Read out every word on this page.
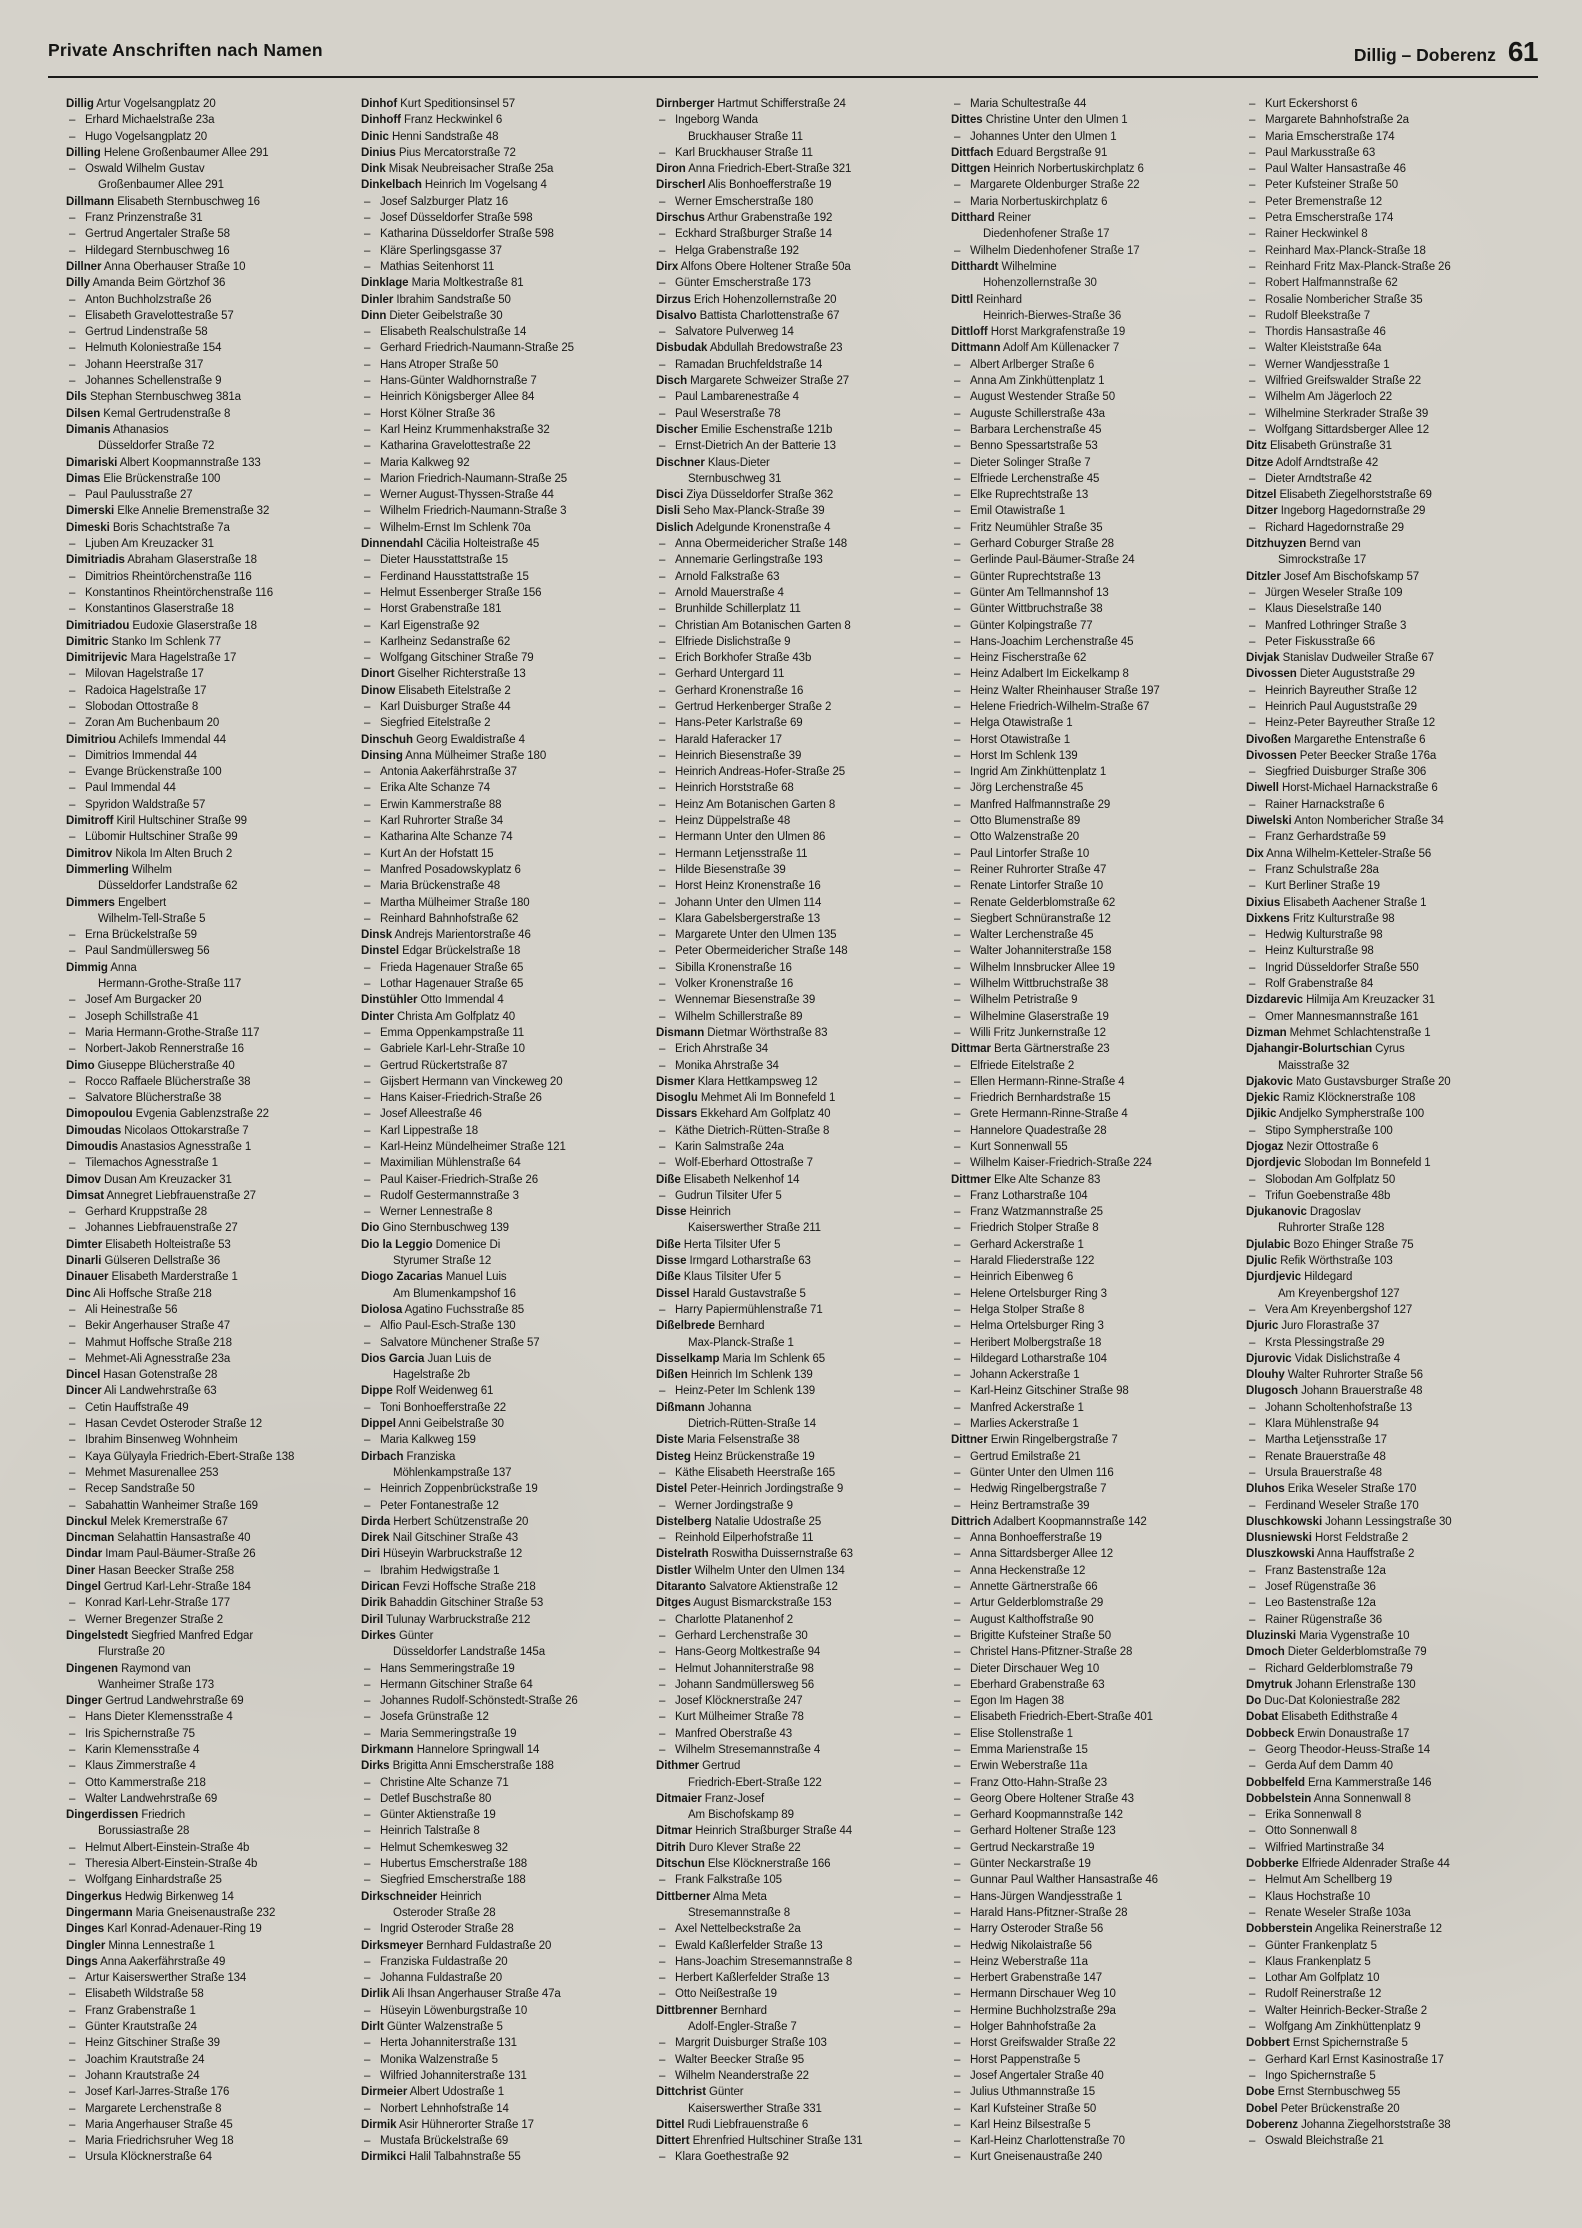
Private Anschriften nach Namen	Dillig – Doberenz 61
Dillig Artur Vogelsangplatz 20
– Erhard Michaelstraße 23a
– Hugo Vogelsangplatz 20
Dilling Helene Großenbaumer Allee 291
– Oswald Wilhelm Gustav
Großenbaumer Allee 291
Dillmann Elisabeth Sternbuschweg 16
– Franz Prinzenstraße 31
– Gertrud Angertaler Straße 58
– Hildegard Sternbuschweg 16
Dillner Anna Oberhauser Straße 10
Dilly Amanda Beim Görtzhof 36
– Anton Buchholzstraße 26
– Elisabeth Gravelottestraße 57
– Gertrud Lindenstraße 58
– Helmuth Koloniestraße 154
– Johann Heerstraße 317
– Johannes Schellenstraße 9
Dils Stephan Sternbuschweg 381a
Dilsen Kemal Gertrudenstraße 8
Dimanis Athanasios
Düsseldorfer Straße 72
Dimariski Albert Koopmannstraße 133
Dimas Elie Brückenstraße 100
– Paul Paulusstraße 27
Dimerski Elke Annelie Bremenstraße 32
Dimeski Boris Schachtstraße 7a
– Ljuben Am Kreuzacker 31
Dimitriadis Abraham Glaserstraße 18
– Dimitrios Rheintörchenstraße 116
– Konstantinos Rheintörchenstraße 116
– Konstantinos Glaserstraße 18
Dimitriadou Eudoxie Glaserstraße 18
Dimitric Stanko Im Schlenk 77
Dimitrijevic Mara Hagelstraße 17
– Milovan Hagelstraße 17
– Radoica Hagelstraße 17
– Slobodan Ottostraße 8
– Zoran Am Buchenbaum 20
Dimitriou Achilefs Immendal 44
– Dimitrios Immendal 44
– Evange Brückenstraße 100
– Paul Immendal 44
– Spyridon Waldstraße 57
Dimitroff Kiril Hultschiner Straße 99
– Lübomir Hultschiner Straße 99
Dimitrov Nikola Im Alten Bruch 2
Dimmerling Wilhelm
Düsseldorfer Landstraße 62
Dimmers Engelbert
Wilhelm-Tell-Straße 5
– Erna Brückelstraße 59
– Paul Sandmüllersweg 56
Dimmig Anna
Hermann-Grothe-Straße 117
– Josef Am Burgacker 20
– Joseph Schillstraße 41
– Maria Hermann-Grothe-Straße 117
– Norbert-Jakob Rennerstraße 16
Dimo Giuseppe Blücherstraße 40
– Rocco Raffaele Blücherstraße 38
– Salvatore Blücherstraße 38
Dimopoulou Evgenia Gablenzstraße 22
Dimoudas Nicolaos Ottokarstraße 7
Dimoudis Anastasios Agnesstraße 1
– Tilemachos Agnesstraße 1
Dimov Dusan Am Kreuzacker 31
Dimsat Annegret Liebfrauenstraße 27
– Gerhard Kruppstraße 28
– Johannes Liebfrauenstraße 27
Dimter Elisabeth Holteistraße 53
Dinarli Gülseren Dellstraße 36
Dinauer Elisabeth Marderstraße 1
Dinc Ali Hoffsche Straße 218
– Ali Heinestraße 56
– Bekir Angerhauser Straße 47
– Mahmut Hoffsche Straße 218
– Mehmet-Ali Agnesstraße 23a
Dincel Hasan Gotenstraße 28
Dincer Ali Landwehrstraße 63
– Cetin Hauffstraße 49
– Hasan Cevdet Osteroder Straße 12
– Ibrahim Binsenweg Wohnheim
– Kaya Gülyayla Friedrich-Ebert-Straße 138
– Mehmet Masurenallee 253
– Recep Sandstraße 50
– Sabahattin Wanheimer Straße 169
Dinckul Melek Kremerstraße 67
Dincman Selahattin Hansastraße 40
Dindar Imam Paul-Bäumer-Straße 26
Diner Hasan Beecker Straße 258
Dingel Gertrud Karl-Lehr-Straße 184
– Konrad Karl-Lehr-Straße 177
– Werner Bregenzer Straße 2
Dingelstedt Siegfried Manfred Edgar
Flurstraße 20
Dingenen Raymond van
Wanheimer Straße 173
Dinger Gertrud Landwehrstraße 69
– Hans Dieter Klemensstraße 4
– Iris Spichernstraße 75
– Karin Klemensstraße 4
– Klaus Zimmerstraße 4
– Otto Kammerstraße 218
– Walter Landwehrstraße 69
Dingerdissen Friedrich
Borussiastraße 28
– Helmut Albert-Einstein-Straße 4b
– Theresia Albert-Einstein-Straße 4b
– Wolfgang Einhardstraße 25
Dingerkus Hedwig Birkenweg 14
Dingermann Maria Gneisenaustraße 232
Dinges Karl Konrad-Adenauer-Ring 19
Dingler Minna Lennestraße 1
Dings Anna Aakerfährstraße 49
– Artur Kaiserswerther Straße 134
– Elisabeth Wildstraße 58
– Franz Grabenstraße 1
– Günter Krautstraße 24
– Heinz Gitschiner Straße 39
– Joachim Krautstraße 24
– Johann Krautstraße 24
– Josef Karl-Jarres-Straße 176
– Margarete Lerchenstraße 8
– Maria Angerhauser Straße 45
– Maria Friedrichsruher Weg 18
– Ursula Klöcknerstraße 64
Dinhof Kurt Speditionsinsel 57
Dinhoff Franz Heckwinkel 6
Dinic Henni Sandstraße 48
Dinius Pius Mercatorstraße 72
Dink Misak Neubreisacher Straße 25a
Dinkelbach Heinrich Im Vogelsang 4
– Josef Salzburger Platz 16
– Josef Düsseldorfer Straße 598
– Katharina Düsseldorfer Straße 598
– Kläre Sperlingsgasse 37
– Mathias Seitenhorst 11
Dinklage Maria Moltkestraße 81
Dinler Ibrahim Sandstraße 50
Dinn Dieter Geibelstraße 30
– Elisabeth Realschulstraße 14
– Gerhard Friedrich-Naumann-Straße 25
– Hans Atroper Straße 50
– Hans-Günter Waldhornstraße 7
– Heinrich Königsberger Allee 84
– Horst Kölner Straße 36
– Karl Heinz Krummenhakstraße 32
– Katharina Gravelottestraße 22
– Maria Kalkweg 92
– Marion Friedrich-Naumann-Straße 25
– Werner August-Thyssen-Straße 44
– Wilhelm Friedrich-Naumann-Straße 3
– Wilhelm-Ernst Im Schlenk 70a
Dinnendahl Cäcilia Holteistraße 45
– Dieter Hausstattstraße 15
– Ferdinand Hausstattstraße 15
– Helmut Essenberger Straße 156
– Horst Grabenstraße 181
– Karl Eigenstraße 92
– Karlheinz Sedanstraße 62
– Wolfgang Gitschiner Straße 79
Dinort Giselher Richterstraße 13
Dinow Elisabeth Eitelstraße 2
– Karl Duisburger Straße 44
– Siegfried Eitelstraße 2
Dinschuh Georg Ewaldistraße 4
Dinsing Anna Mülheimer Straße 180
– Antonia Aakerfährstraße 37
– Erika Alte Schanze 74
– Erwin Kammerstraße 88
– Karl Ruhrorter Straße 34
– Katharina Alte Schanze 74
– Kurt An der Hofstatt 15
– Manfred Posadowskyplatz 6
– Maria Brückenstraße 48
– Martha Mülheimer Straße 180
– Reinhard Bahnhofstraße 62
Dinsk Andrejs Marientorstraße 46
Dinstel Edgar Brückelstraße 18
– Frieda Hagenauer Straße 65
– Lothar Hagenauer Straße 65
Dinstühler Otto Immendal 4
Dinter Christa Am Golfplatz 40
– Emma Oppenkampstraße 11
– Gabriele Karl-Lehr-Straße 10
– Gertrud Rückertstraße 87
– Gijsbert Hermann van Vinckeweg 20
– Hans Kaiser-Friedrich-Straße 26
– Josef Alleestraße 46
– Karl Lippestraße 18
– Karl-Heinz Mündelheimer Straße 121
– Maximilian Mühlenstraße 64
– Paul Kaiser-Friedrich-Straße 26
– Rudolf Gestermannstraße 3
– Werner Lennestraße 8
Dio Gino Sternbuschweg 139
Dio la Leggio Domenice Di
Styrumer Straße 12
Diogo Zacarias Manuel Luis
Am Blumenkampshof 16
Diolosa Agatino Fuchsstraße 85
– Alfio Paul-Esch-Straße 130
– Salvatore Münchener Straße 57
Dios Garcia Juan Luis de
Hagelstraße 2b
Dippe Rolf Weidenweg 61
– Toni Bonhoefferstraße 22
Dippel Anni Geibelstraße 30
– Maria Kalkweg 159
Dirbach Franziska
Möhlenkampstraße 137
– Heinrich Zoppenbrückstraße 19
– Peter Fontanestraße 12
Dirda Herbert Schützenstraße 20
Direk Nail Gitschiner Straße 43
Diri Hüseyin Warbruckstraße 12
– Ibrahim Hedwigstraße 1
Dirican Fevzi Hoffsche Straße 218
Dirik Bahaddin Gitschiner Straße 53
Diril Tulunay Warbruckstraße 212
Dirkes Günter
Düsseldorfer Landstraße 145a
– Hans Semmeringstraße 19
– Hermann Gitschiner Straße 64
– Johannes Rudolf-Schönstedt-Straße 26
– Josefa Grünstraße 12
– Maria Semmeringstraße 19
Dirkmann Hannelore Springwall 14
Dirks Brigitta Anni Emscherstraße 188
– Christine Alte Schanze 71
– Detlef Buschstraße 80
– Günter Aktienstraße 19
– Heinrich Talstraße 8
– Helmut Schemkesweg 32
– Hubertus Emscherstraße 188
– Siegfried Emscherstraße 188
Dirkschneider Heinrich
Osteroder Straße 28
– Ingrid Osteroder Straße 28
Dirksmeyer Bernhard Fuldastraße 20
– Franziska Fuldastraße 20
– Johanna Fuldastraße 20
Dirlik Ali Ihsan Angerhauser Straße 47a
– Hüseyin Löwenburgstraße 10
Dirlt Günter Walzenstraße 5
– Herta Johanniterstraße 131
– Monika Walzenstraße 5
– Wilfried Johanniterstraße 131
Dirmeier Albert Udostraße 1
– Norbert Lehnhofstraße 14
Dirmik Asir Hühnerorter Straße 17
– Mustafa Brückelstraße 69
Dirmikci Halil Talbahnstraße 55
Dirnberger Hartmut Schifferstraße 24
– Ingeborg Wanda
Bruckhauser Straße 11
– Karl Bruckhauser Straße 11
Diron Anna Friedrich-Ebert-Straße 321
Dirscherl Alis Bonhoefferstraße 19
– Werner Emscherstraße 180
Dirschus Arthur Grabenstraße 192
– Eckhard Straßburger Straße 14
– Helga Grabenstraße 192
Dirx Alfons Obere Holtener Straße 50a
– Günter Emscherstraße 173
Dirzus Erich Hohenzollernstraße 20
Disalvo Battista Charlottenstraße 67
– Salvatore Pulverweg 14
Disbudak Abdullah Bredowstraße 23
– Ramadan Bruchfeldstraße 14
Disch Margarete Schweizer Straße 27
– Paul Lambarenestraße 4
– Paul Weserstraße 78
Discher Emilie Eschenstraße 121b
– Ernst-Dietrich An der Batterie 13
Dischner Klaus-Dieter
Sternbuschweg 31
Disci Ziya Düsseldorfer Straße 362
Disli Seho Max-Planck-Straße 39
Dislich Adelgunde Kronenstraße 4
– Anna Obermeidericher Straße 148
– Annemarie Gerlingstraße 193
– Arnold Falkstraße 63
– Arnold Mauerstraße 4
– Brunhilde Schillerplatz 11
– Christian Am Botanischen Garten 8
– Elfriede Dislichstraße 9
– Erich Borkhofer Straße 43b
– Gerhard Untergard 11
– Gerhard Kronenstraße 16
– Gertrud Herkenberger Straße 2
– Hans-Peter Karlstraße 69
– Harald Haferacker 17
– Heinrich Biesenstraße 39
– Heinrich Andreas-Hofer-Straße 25
– Heinrich Horststraße 68
– Heinz Am Botanischen Garten 8
– Heinz Düppelstraße 48
– Hermann Unter den Ulmen 86
– Hermann Letjensstraße 11
– Hilde Biesenstraße 39
– Horst Heinz Kronenstraße 16
– Johann Unter den Ulmen 114
– Klara Gabelsbergerstraße 13
– Margarete Unter den Ulmen 135
– Peter Obermeidericher Straße 148
– Sibilla Kronenstraße 16
– Volker Kronenstraße 16
– Wennemar Biesenstraße 39
– Wilhelm Schillerstraße 89
Dismann Dietmar Wörthstraße 83
– Erich Ahrstraße 34
– Monika Ahrstraße 34
Dismer Klara Hettkampsweg 12
Disoglu Mehmet Ali Im Bonnefeld 1
Dissars Ekkehard Am Golfplatz 40
– Käthe Dietrich-Rütten-Straße 8
– Karin Salmstraße 24a
– Wolf-Eberhard Ottostraße 7
Diße Elisabeth Nelkenhof 14
– Gudrun Tilsiter Ufer 5
Disse Heinrich
Kaiserswerther Straße 211
Diße Herta Tilsiter Ufer 5
Disse Irmgard Lotharstraße 63
Diße Klaus Tilsiter Ufer 5
Dissel Harald Gustavstraße 5
– Harry Papiermühlenstraße 71
Dißelbrede Bernhard
Max-Planck-Straße 1
Disselkamp Maria Im Schlenk 65
Dißen Heinrich Im Schlenk 139
– Heinz-Peter Im Schlenk 139
Dißmann Johanna
Dietrich-Rütten-Straße 14
Diste Maria Felsenstraße 38
Disteg Heinz Brückenstraße 19
– Käthe Elisabeth Heerstraße 165
Distel Peter-Heinrich Jordingstraße 9
– Werner Jordingstraße 9
Distelberg Natalie Udostraße 25
– Reinhold Eilperhofstraße 11
Distelrath Roswitha Duissernstraße 63
Distler Wilhelm Unter den Ulmen 134
Ditaranto Salvatore Aktienstraße 12
Ditges August Bismarckstraße 153
– Charlotte Platanenhof 2
– Gerhard Lerchenstraße 30
– Hans-Georg Moltkestraße 94
– Helmut Johanniterstraße 98
– Johann Sandmüllersweg 56
– Josef Klöcknerstraße 247
– Kurt Mülheimer Straße 78
– Manfred Oberstraße 43
– Wilhelm Stresemannstraße 4
Dithmer Gertrud
Friedrich-Ebert-Straße 122
Ditmaier Franz-Josef
Am Bischofskamp 89
Ditmar Heinrich Straßburger Straße 44
Ditrih Duro Klever Straße 22
Ditschun Else Klöcknerstraße 166
– Frank Falkstraße 105
Dittberner Alma Meta
Stresemannstraße 8
– Axel Nettelbeckstraße 2a
– Ewald Kaßlerfelder Straße 13
– Hans-Joachim Stresemannstraße 8
– Herbert Kaßlerfelder Straße 13
– Otto Neißestraße 19
Dittbrenner Bernhard
Adolf-Engler-Straße 7
– Margrit Duisburger Straße 103
– Walter Beecker Straße 95
– Wilhelm Neanderstraße 22
Dittchrist Günter
Kaiserswerther Straße 331
Dittel Rudi Liebfrauenstraße 6
Dittert Ehrenfried Hultschiner Straße 131
– Klara Goethestraße 92
– Maria Schultestraße 44
Dittes Christine Unter den Ulmen 1
– Johannes Unter den Ulmen 1
Dittfach Eduard Bergstraße 91
Dittgen Heinrich Norbertuskirchplatz 6
– Margarete Oldenburger Straße 22
– Maria Norbertuskirchplatz 6
Ditthard Reiner
Diedenhofener Straße 17
– Wilhelm Diedenhofener Straße 17
Ditthardt Wilhelmine
Hohenzollernstraße 30
Dittl Reinhard
Heinrich-Bierwes-Straße 36
Dittloff Horst Markgrafenstraße 19
Dittmann Adolf Am Küllenacker 7
– Albert Arlberger Straße 6
– Anna Am Zinkhüttenplatz 1
– August Westender Straße 50
– Auguste Schillerstraße 43a
– Barbara Lerchenstraße 45
– Benno Spessartstraße 53
– Dieter Solinger Straße 7
– Elfriede Lerchenstraße 45
– Elke Ruprechtstraße 13
– Emil Otawistraße 1
– Fritz Neumühler Straße 35
– Gerhard Coburger Straße 28
– Gerlinde Paul-Bäumer-Straße 24
– Günter Ruprechtstraße 13
– Günter Am Tellmannshof 13
– Günter Wittbruchstraße 38
– Günter Kolpingstraße 77
– Hans-Joachim Lerchenstraße 45
– Heinz Fischerstraße 62
– Heinz Adalbert Im Eickelkamp 8
– Heinz Walter Rheinhauser Straße 197
– Helene Friedrich-Wilhelm-Straße 67
– Helga Otawistraße 1
– Horst Otawistraße 1
– Horst Im Schlenk 139
– Ingrid Am Zinkhüttenplatz 1
– Jörg Lerchenstraße 45
– Manfred Halfmannstraße 29
– Otto Blumenstraße 89
– Otto Walzenstraße 20
– Paul Lintorfer Straße 10
– Reiner Ruhrorter Straße 47
– Renate Lintorfer Straße 10
– Renate Gelderblomstraße 62
– Siegbert Schnüranstraße 12
– Walter Lerchenstraße 45
– Walter Johanniterstraße 158
– Wilhelm Innsbrucker Allee 19
– Wilhelm Wittbruchstraße 38
– Wilhelm Petristraße 9
– Wilhelmine Glaserstraße 19
– Willi Fritz Junkernstraße 12
Dittmar Berta Gärtnerstraße 23
– Elfriede Eitelstraße 2
– Ellen Hermann-Rinne-Straße 4
– Friedrich Bernhardstraße 15
– Grete Hermann-Rinne-Straße 4
– Hannelore Quadestraße 28
– Kurt Sonnenwall 55
– Wilhelm Kaiser-Friedrich-Straße 224
Dittmer Elke Alte Schanze 83
– Franz Lotharstraße 104
– Franz Watzmannstraße 25
– Friedrich Stolper Straße 8
– Gerhard Ackerstraße 1
– Harald Fliederstraße 122
– Heinrich Eibenweg 6
– Helene Ortelsburger Ring 3
– Helga Stolper Straße 8
– Helma Ortelsburger Ring 3
– Heribert Molbergstraße 18
– Hildegard Lotharstraße 104
– Johann Ackerstraße 1
– Karl-Heinz Gitschiner Straße 98
– Manfred Ackerstraße 1
– Marlies Ackerstraße 1
Dittner Erwin Ringelbergstraße 7
– Gertrud Emilstraße 21
– Günter Unter den Ulmen 116
– Hedwig Ringelbergstraße 7
– Heinz Bertramstraße 39
Dittrich Adalbert Koopmannstraße 142
– Anna Bonhoefferstraße 19
– Anna Sittardsberger Allee 12
– Anna Heckenstraße 12
– Annette Gärtnerstraße 66
– Artur Gelderblomstraße 29
– August Kalthoffstraße 90
– Brigitte Kufsteiner Straße 50
– Christel Hans-Pfitzner-Straße 28
– Dieter Dirschauer Weg 10
– Eberhard Grabenstraße 63
– Egon Im Hagen 38
– Elisabeth Friedrich-Ebert-Straße 401
– Elise Stollenstraße 1
– Emma Marienstraße 15
– Erwin Weberstraße 11a
– Franz Otto-Hahn-Straße 23
– Georg Obere Holtener Straße 43
– Gerhard Koopmannstraße 142
– Gerhard Holtener Straße 123
– Gertrud Neckarstraße 19
– Günter Neckarstraße 19
– Gunnar Paul Walther Hansastraße 46
– Hans-Jürgen Wandjesstraße 1
– Harald Hans-Pfitzner-Straße 28
– Harry Osteroder Straße 56
– Hedwig Nikolaistraße 56
– Heinz Weberstraße 11a
– Herbert Grabenstraße 147
– Hermann Dirschauer Weg 10
– Hermine Buchholzstraße 29a
– Holger Bahnhofstraße 2a
– Horst Greifswalder Straße 22
– Horst Pappenstraße 5
– Josef Angertaler Straße 40
– Julius Uthmannstraße 15
– Karl Kufsteiner Straße 50
– Karl Heinz Bilsestraße 5
– Karl-Heinz Charlottenstraße 70
– Kurt Gneisenaustraße 240
– Kurt Eckershorst 6
– Margarete Bahnhofstraße 2a
– Maria Emscherstraße 174
– Paul Markusstraße 63
– Paul Walter Hansastraße 46
– Peter Kufsteiner Straße 50
– Peter Bremenstraße 12
– Petra Emscherstraße 174
– Rainer Heckwinkel 8
– Reinhard Max-Planck-Straße 18
– Reinhard Fritz Max-Planck-Straße 26
– Robert Halfmannstraße 62
– Rosalie Nombericher Straße 35
– Rudolf Bleekstraße 7
– Thordis Hansastraße 46
– Walter Kleiststraße 64a
– Werner Wandjesstraße 1
– Wilfried Greifswalder Straße 22
– Wilhelm Am Jägerloch 22
– Wilhelmine Sterkrader Straße 39
– Wolfgang Sittardsberger Allee 12
Ditz Elisabeth Grünstraße 31
Ditze Adolf Arndtstraße 42
– Dieter Arndtstraße 42
Ditzel Elisabeth Ziegelhorststraße 69
Ditzer Ingeborg Hagedornstraße 29
– Richard Hagedornstraße 29
Ditzhuyzen Bernd van
Simrockstraße 17
Ditzler Josef Am Bischofskamp 57
– Jürgen Weseler Straße 109
– Klaus Dieselstraße 140
– Manfred Lothringer Straße 3
– Peter Fiskusstraße 66
Divjak Stanislav Dudweiler Straße 67
Divossen Dieter Auguststraße 29
– Heinrich Bayreuther Straße 12
– Heinrich Paul Auguststraße 29
– Heinz-Peter Bayreuther Straße 12
Divoßen Margarethe Entenstraße 6
Divossen Peter Beecker Straße 176a
– Siegfried Duisburger Straße 306
Diwell Horst-Michael Harnackstraße 6
– Rainer Harnackstraße 6
Diwelski Anton Nombericher Straße 34
– Franz Gerhardstraße 59
Dix Anna Wilhelm-Ketteler-Straße 56
– Franz Schulstraße 28a
– Kurt Berliner Straße 19
Dixius Elisabeth Aachener Straße 1
Dixkens Fritz Kulturstraße 98
– Hedwig Kulturstraße 98
– Heinz Kulturstraße 98
– Ingrid Düsseldorfer Straße 550
– Rolf Grabenstraße 84
Dizdarevic Hilmija Am Kreuzacker 31
– Omer Mannesmannstraße 161
Dizman Mehmet Schlachtenstraße 1
Djahangir-Bolurtschian Cyrus
Maisstraße 32
Djakovic Mato Gustavsburger Straße 20
Djekic Ramiz Klöcknerstraße 108
Djikic Andjelko Sympherstraße 100
– Stipo Sympherstraße 100
Djogaz Nezir Ottostraße 6
Djordjevic Slobodan Im Bonnefeld 1
– Slobodan Am Golfplatz 50
– Trifun Goebenstraße 48b
Djukanovic Dragoslav
Ruhrorter Straße 128
Djulabic Bozo Ehinger Straße 75
Djulic Refik Wörthstraße 103
Djurdjevic Hildegard
Am Kreyenbergshof 127
– Vera Am Kreyenbergshof 127
Djuric Juro Florastraße 37
– Krsta Plessingstraße 29
Djurovic Vidak Dislichstraße 4
Dlouhy Walter Ruhrorter Straße 56
Dlugosch Johann Brauerstraße 48
– Johann Scholtenhofstraße 13
– Klara Mühlenstraße 94
– Martha Letjensstraße 17
– Renate Brauerstraße 48
– Ursula Brauerstraße 48
Dluhos Erika Weseler Straße 170
– Ferdinand Weseler Straße 170
Dluschkowski Johann Lessingstraße 30
Dlusniewski Horst Feldstraße 2
Dluszkowski Anna Hauffstraße 2
– Franz Bastenstraße 12a
– Josef Rügenstraße 36
– Leo Bastenstraße 12a
– Rainer Rügenstraße 36
Dluzinski Maria Vygenstraße 10
Dmoch Dieter Gelderblomstraße 79
– Richard Gelderblomstraße 79
Dmytruk Johann Erlenstraße 130
Do Duc-Dat Koloniestraße 282
Dobat Elisabeth Edithstraße 4
Dobbeck Erwin Donaustraße 17
– Georg Theodor-Heuss-Straße 14
– Gerda Auf dem Damm 40
Dobbelfeld Erna Kammerstraße 146
Dobbelstein Anna Sonnenwall 8
– Erika Sonnenwall 8
– Otto Sonnenwall 8
– Wilfried Martinstraße 34
Dobberke Elfriede Aldenrader Straße 44
– Helmut Am Schellberg 19
– Klaus Hochstraße 10
– Renate Weseler Straße 103a
Dobberstein Angelika Reinerstraße 12
– Günter Frankenplatz 5
– Klaus Frankenplatz 5
– Lothar Am Golfplatz 10
– Rudolf Reinerstraße 12
– Walter Heinrich-Becker-Straße 2
– Wolfgang Am Zinkhüttenplatz 9
Dobbert Ernst Spichernstraße 5
– Gerhard Karl Ernst Kasinostraße 17
– Ingo Spichernstraße 5
Dobe Ernst Sternbuschweg 55
Dobel Peter Brückenstraße 20
Doberenz Johanna Ziegelhorststraße 38
– Oswald Bleichstraße 21
